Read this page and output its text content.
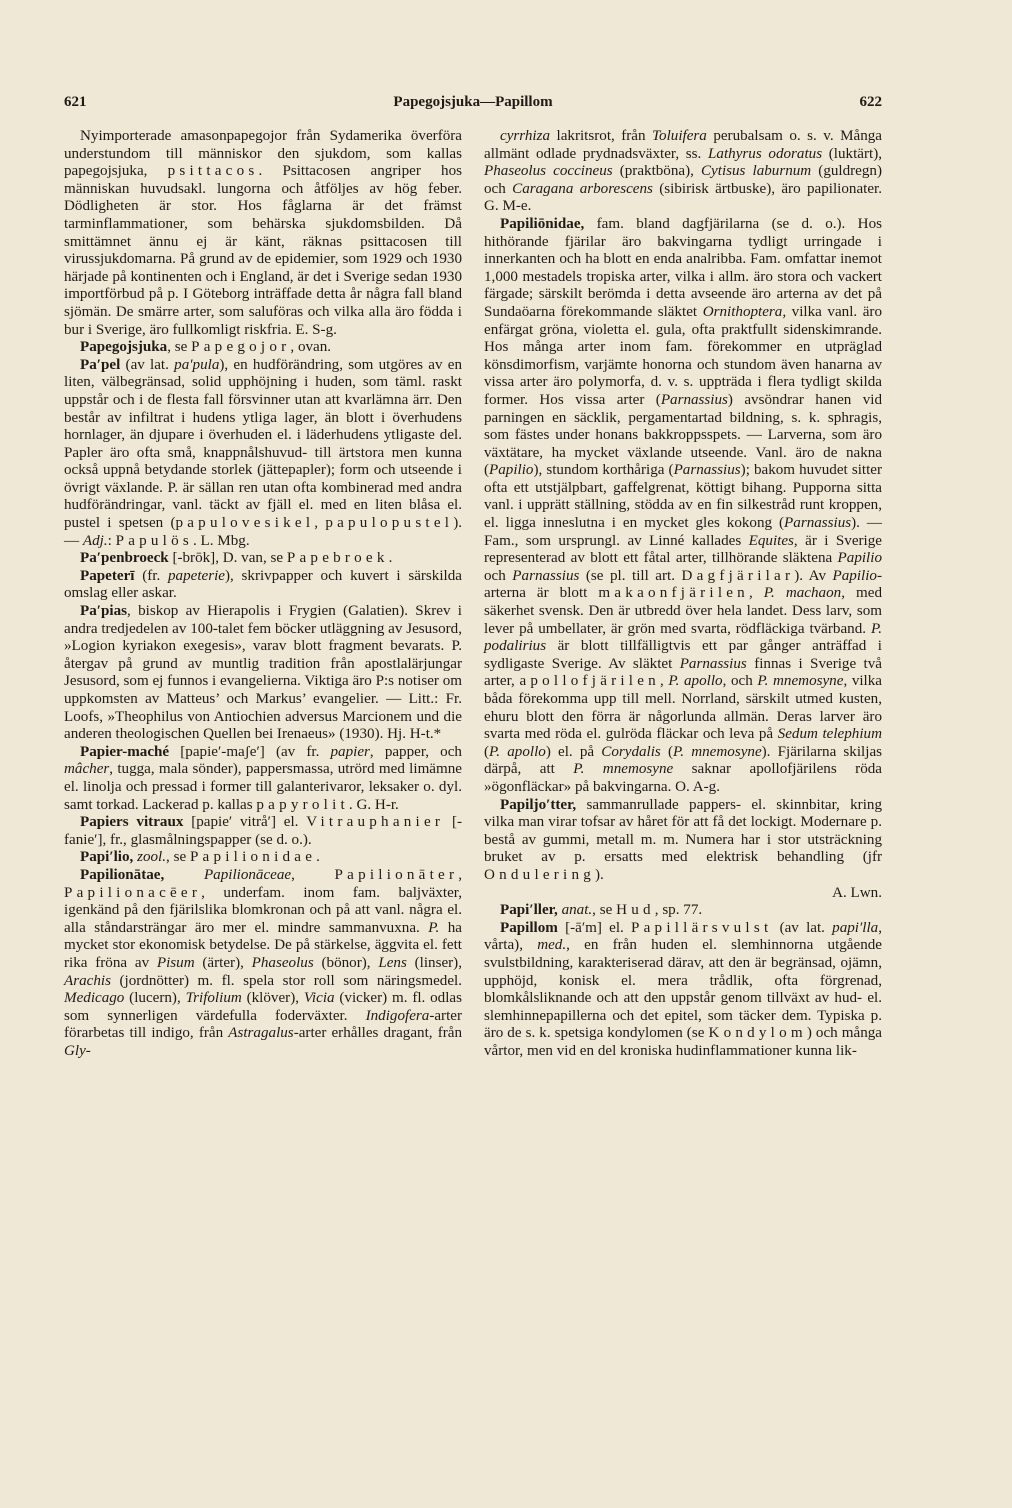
621	Papegojsjuka—Papillom	622

Nyimporterade amasonpapegojor från Sydamerika överföra understundom till människor den sjukdom, som kallas papegojsjuka, psittacos. Psittacosen angriper hos människan huvudsakl. lungorna och åtföljes av hög feber. Dödligheten är stor. Hos fåglarna är det främst tarminflammationer, som behärska sjukdomsbilden. Då smittämnet ännu ej är känt, räknas psittacosen till virussjukdomarna. På grund av de epidemier, som 1929 och 1930 härjade på kontinenten och i England, är det i Sverige sedan 1930 importförbud på p. I Göteborg inträffade detta år några fall bland sjömän. De smärre arter, som saluföras och vilka alla äro födda i bur i Sverige, äro fullkomligt riskfria. E. S-g.

Papegojsjuka, se Papegojor, ovan.

Pa′pel (av lat. pa′pula), en hudförändring, som utgöres av en liten, välbegränsad, solid upphöjning i huden, som täml. raskt uppstår och i de flesta fall försvinner utan att kvarlämna ärr. Den består av infiltrat i hudens ytliga lager, än blott i överhudens hornlager, än djupare i överhuden el. i läderhudens ytligaste del. Papler äro ofta små, knappnålshuvud- till ärtstora men kunna också uppnå betydande storlek (jättepapler); form och utseende i övrigt växlande. P. är sällan ren utan ofta kombinerad med andra hudförändringar, vanl. täckt av fjäll el. med en liten blåsa el. pustel i spetsen (papulovesikel, papulopustel). — Adj.: Papulös. L. Mbg.

Pa′penbroeck [-brōk], D. van, se Papebroek.

Papeterī (fr. papeterie), skrivpapper och kuvert i särskilda omslag eller askar.

Pa′pias, biskop av Hierapolis i Frygien (Galatien). Skrev i andra tredjedelen av 100-talet fem böcker utläggning av Jesusord, »Logion kyriakon exegesis», varav blott fragment bevarats. P. återgav på grund av muntlig tradition från apostlalärjungar Jesusord, som ej funnos i evangelierna. Viktiga äro P:s notiser om uppkomsten av Matteus’ och Markus’ evangelier. — Litt.: Fr. Loofs, »Theophilus von Antiochien adversus Marcionem und die anderen theologischen Quellen bei Irenaeus» (1930). Hj. H-t.*

Papier-maché [papie′-maʃe′] (av fr. papier, papper, och mâcher, tugga, mala sönder), pappersmassa, utrörd med limämne el. linolja och pressad i former till galanterivaror, leksaker o. dyl. samt torkad. Lackerad p. kallas papyrolit. G. H-r.

Papiers vitraux [papie′ vitrå′] el. Vitrauphanier [-fanie′], fr., glasmålningspapper (se d. o.).

Papi′lio, zool., se Papilionidae.

Papilionātae,	Papilionāceae, Papilionāter, Papilionacēer, underfam. inom fam. baljväxter, igenkänd på den fjärilslika blomkronan och på att vanl. några el. alla ståndarsträngar äro mer el. mindre sammanvuxna. P. ha mycket stor ekonomisk betydelse. De på stärkelse, äggvita el. fett rika fröna av Pisum (ärter), Phaseolus (bönor), Lens (linser), Arachis (jordnötter) m. fl. spela stor roll som näringsmedel. Medicago (lucern), Trifolium (klöver), Vicia (vicker) m. fl. odlas som synnerligen värdefulla foderväxter. Indigofera-arter förarbetas till indigo, från Astragalus-arter erhålles dragant, från Gly-

cyrrhiza lakritsrot, från Toluifera perubalsam o. s. v. Många allmänt odlade prydnadsväxter, ss. Lathyrus odoratus (luktärt), Phaseolus coccineus (praktböna), Cytisus laburnum (guldregn) och Caragana arborescens (sibirisk ärtbuske), äro papilionater. G. M-e.

Papiliōnidae, fam. bland dagfjärilarna (se d. o.). Hos hithörande fjärilar äro bakvingarna tydligt urringade i innerkanten och ha blott en enda analribba. Fam. omfattar inemot 1,000 mestadels tropiska arter, vilka i allm. äro stora och vackert färgade; särskilt berömda i detta avseende äro arterna av det på Sundaöarna förekommande släktet Ornithoptera, vilka vanl. äro enfärgat gröna, violetta el. gula, ofta praktfullt sidenskimrande. Hos många arter inom fam. förekommer en utpräglad könsdimorfism, varjämte honorna och stundom även hanarna av vissa arter äro polymorfa, d. v. s. uppträda i flera tydligt skilda former. Hos vissa arter (Parnassius) avsöndrar hanen vid parningen en säcklik, pergamentartad bildning, s. k. sphragis, som fästes under honans bakkroppsspets. — Larverna, som äro växtätare, ha mycket växlande utseende. Vanl. äro de nakna (Papilio), stundom korthåriga (Parnassius); bakom huvudet sitter ofta ett utstjälpbart, gaffelgrenat, köttigt bihang. Pupporna sitta vanl. i upprätt ställning, stödda av en fin silkestråd runt kroppen, el. ligga inneslutna i en mycket gles kokong (Parnassius). — Fam., som ursprungl. av Linné kallades Equites, är i Sverige representerad av blott ett fåtal arter, tillhörande släktena Papilio och Parnassius (se pl. till art. Dagfjärilar). Av Papilio-arterna är blott makaonfjärilen, P. machaon, med säkerhet svensk. Den är utbredd över hela landet. Dess larv, som lever på umbellater, är grön med svarta, rödfläckiga tvärband. P. podalirius är blott tillfälligtvis ett par gånger anträffad i sydligaste Sverige. Av släktet Parnassius finnas i Sverige två arter, apollofjärilen, P. apollo, och P. mnemosyne, vilka båda förekomma upp till mell. Norrland, särskilt utmed kusten, ehuru blott den förra är någorlunda allmän. Deras larver äro svarta med röda el. gulröda fläckar och leva på Sedum telephium (P. apollo) el. på Corydalis (P. mnemosyne). Fjärilarna skiljas därpå, att P. mnemosyne saknar apollofjärilens röda »ögonfläckar» på bakvingarna. O. A-g.

Papiljo′tter, sammanrullade pappers- el. skinnbitar, kring vilka man virar tofsar av håret för att få det lockigt. Modernare p. bestå av gummi, metall m. m. Numera har i stor utsträckning bruket av p. ersatts med elektrisk behandling (jfr Ondulering).
A. Lwn.

Papi′ller, anat., se Hud, sp. 77.

Papillom [-ā′m] el. Papillärsvulst (av lat. papi′lla, vårta), med., en från huden el. slemhinnorna utgående svulstbildning, karakteriserad därav, att den är begränsad, ojämn, upphöjd, konisk el. mera trådlik, ofta förgrenad, blomkålsliknande och att den uppstår genom tillväxt av hud- el. slemhinnepapillerna och det epitel, som täcker dem. Typiska p. äro de s. k. spetsiga kondylomen (se Kondylom) och många vårtor, men vid en del kroniska hudinflammationer kunna lik-
